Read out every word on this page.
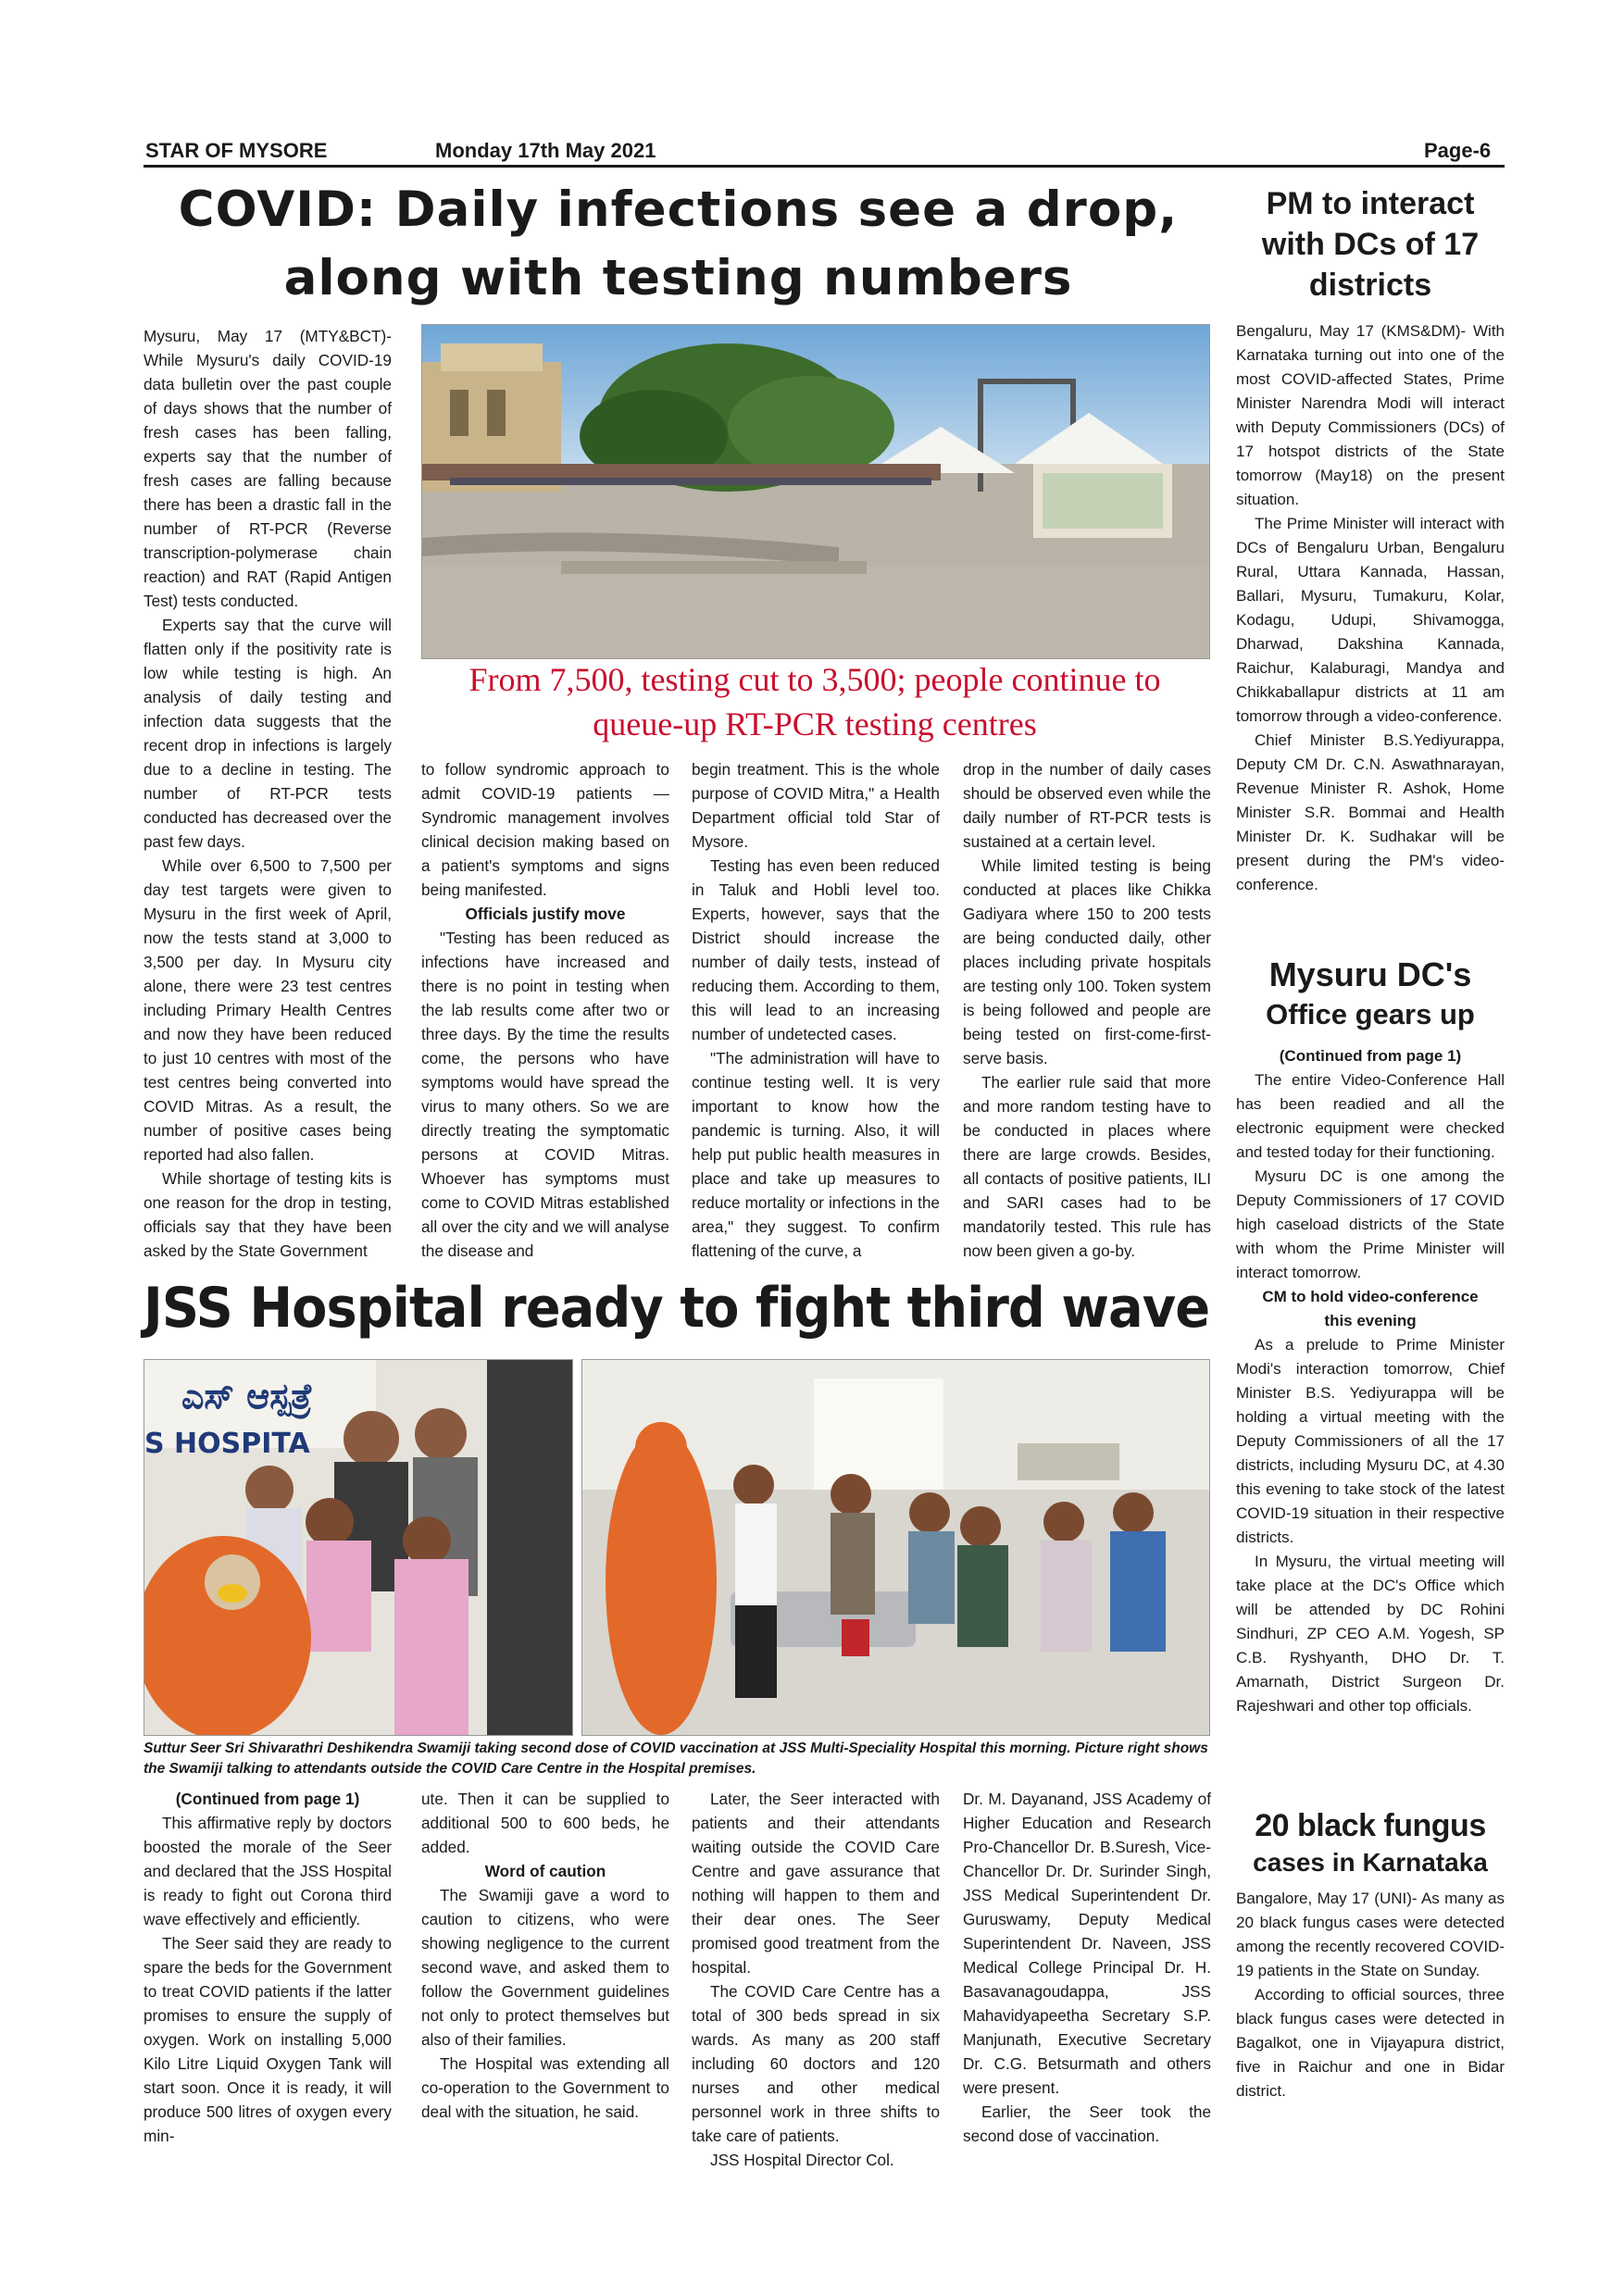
STAR OF MYSORE	Monday 17th May 2021	Page-6
COVID: Daily infections see a drop,
along with testing numbers
From 7,500, testing cut to 3,500; people continue to queue-up RT-PCR testing centres

Mysuru, May 17 (MTY&BCT)- While Mysuru's daily COVID-19 data bulletin over the past couple of days shows that the number of fresh cases has been falling, experts say that the number of fresh cases are falling because there has been a drastic fall in the number of RT-PCR (Reverse transcription-polymerase chain reaction) and RAT (Rapid Antigen Test) tests conducted.

Experts say that the curve will flatten only if the positivity rate is low while testing is high. An analysis of daily testing and infection data suggests that the recent drop in infections is largely due to a decline in testing. The number of RT-PCR tests conducted has decreased over the past few days.

While over 6,500 to 7,500 per day test targets were given to Mysuru in the first week of April, now the tests stand at 3,000 to 3,500 per day. In Mysuru city alone, there were 23 test centres including Primary Health Centres and now they have been reduced to just 10 centres with most of the test centres being converted into COVID Mitras. As a result, the number of positive cases being reported had also fallen.

While shortage of testing kits is one reason for the drop in testing, officials say that they have been asked by the State Government

to follow syndromic approach to admit COVID-19 patients — Syndromic management involves clinical decision making based on a patient's symptoms and signs being manifested.

Officials justify move

"Testing has been reduced as infections have increased and there is no point in testing when the lab results come after two or three days. By the time the results come, the persons who have symptoms would have spread the virus to many others. So we are directly treating the symptomatic persons at COVID Mitras. Whoever has symptoms must come to COVID Mitras established all over the city and we will analyse the disease and

begin treatment. This is the whole purpose of COVID Mitra," a Health Department official told Star of Mysore.

Testing has even been reduced in Taluk and Hobli level too. Experts, however, says that the District should increase the number of daily tests, instead of reducing them. According to them, this will lead to an increasing number of undetected cases.

"The administration will have to continue testing well. It is very important to know how the pandemic is turning. Also, it will help put public health measures in place and take up measures to reduce mortality or infections in the area," they suggest. To confirm flattening of the curve, a

drop in the number of daily cases should be observed even while the daily number of RT-PCR tests is sustained at a certain level.

While limited testing is being conducted at places like Chikka Gadiyara where 150 to 200 tests are being conducted daily, other places including private hospitals are testing only 100. Token system is being followed and people are being tested on first-come-first-serve basis.

The earlier rule said that more and more random testing have to be conducted in places where there are large crowds. Besides, all contacts of positive patients, ILI and SARI cases had to be mandatorily tested. This rule has now been given a go-by.

PM to interact with DCs of 17 districts

Bengaluru, May 17 (KMS&DM)- With Karnataka turning out into one of the most COVID-affected States, Prime Minister Narendra Modi will interact with Deputy Commissioners (DCs) of 17 hotspot districts of the State tomorrow (May18) on the present situation.

The Prime Minister will interact with DCs of Bengaluru Urban, Bengaluru Rural, Uttara Kannada, Hassan, Ballari, Mysuru, Tumakuru, Kolar, Kodagu, Udupi, Shivamogga, Dharwad, Dakshina Kannada, Raichur, Kalaburagi, Mandya and Chikkaballapur districts at 11 am tomorrow through a video-conference.

Chief Minister B.S.Yediyurappa, Deputy CM Dr. C.N. Aswathnarayan, Revenue Minister R. Ashok, Home Minister S.R. Bommai and Health Minister Dr. K. Sudhakar will be present during the PM's video-conference.

Mysuru DC's
Office gears up

(Continued from page 1)

The entire Video-Conference Hall has been readied and all the electronic equipment were checked and tested today for their functioning.

Mysuru DC is one among the Deputy Commissioners of 17 COVID high caseload districts of the State with whom the Prime Minister will interact tomorrow.

CM to hold video-conference this evening

As a prelude to Prime Minister Modi's interaction tomorrow, Chief Minister B.S. Yediyurappa will be holding a virtual meeting with the Deputy Commissioners of all the 17 districts, including Mysuru DC, at 4.30 this evening to take stock of the latest COVID-19 situation in their respective districts.

In Mysuru, the virtual meeting will take place at the DC's Office which will be attended by DC Rohini Sindhuri, ZP CEO A.M. Yogesh, SP C.B. Ryshyanth, DHO Dr. T. Amarnath, District Surgeon Dr. Rajeshwari and other top officials.

20 black fungus
cases in Karnataka

Bangalore, May 17 (UNI)- As many as 20 black fungus cases were detected among the recently recovered COVID-19 patients in the State on Sunday.

According to official sources, three black fungus cases were detected in Bagalkot, one in Vijayapura district, five in Raichur and one in Bidar district.

JSS Hospital ready to fight third wave
ಎಸ್ ಆಸ್ಪತ್ರೆ
S HOSPITA
Suttur Seer Sri Shivarathri Deshikendra Swamiji taking second dose of COVID vaccination at JSS Multi-Speciality Hospital this morning. Picture right shows the Swamiji talking to attendants outside the COVID Care Centre in the Hospital premises.

(Continued from page 1)

This affirmative reply by doctors boosted the morale of the Seer and declared that the JSS Hospital is ready to fight out Corona third wave effectively and efficiently.

The Seer said they are ready to spare the beds for the Government to treat COVID patients if the latter promises to ensure the supply of oxygen. Work on installing 5,000 Kilo Litre Liquid Oxygen Tank will start soon. Once it is ready, it will produce 500 litres of oxygen every min-

ute. Then it can be supplied to additional 500 to 600 beds, he added.

Word of caution

The Swamiji gave a word to caution to citizens, who were showing negligence to the current second wave, and asked them to follow the Government guidelines not only to protect themselves but also of their families.

The Hospital was extending all co-operation to the Government to deal with the situation, he said.

Later, the Seer interacted with patients and their attendants waiting outside the COVID Care Centre and gave assurance that nothing will happen to them and their dear ones. The Seer promised good treatment from the hospital.

The COVID Care Centre has a total of 300 beds spread in six wards. As many as 200 staff including 60 doctors and 120 nurses and other medical personnel work in three shifts to take care of patients.

JSS Hospital Director Col.

Dr. M. Dayanand, JSS Academy of Higher Education and Research Pro-Chancellor Dr. B.Suresh, Vice-Chancellor Dr. Dr. Surinder Singh, JSS Medical Superintendent Dr. Guruswamy, Deputy Medical Superintendent Dr. Naveen, JSS Medical College Principal Dr. H. Basavanagoudappa, JSS Mahavidyapeetha Secretary S.P. Manjunath, Executive Secretary Dr. C.G. Betsurmath and others were present.

Earlier, the Seer took the second dose of vaccination.
